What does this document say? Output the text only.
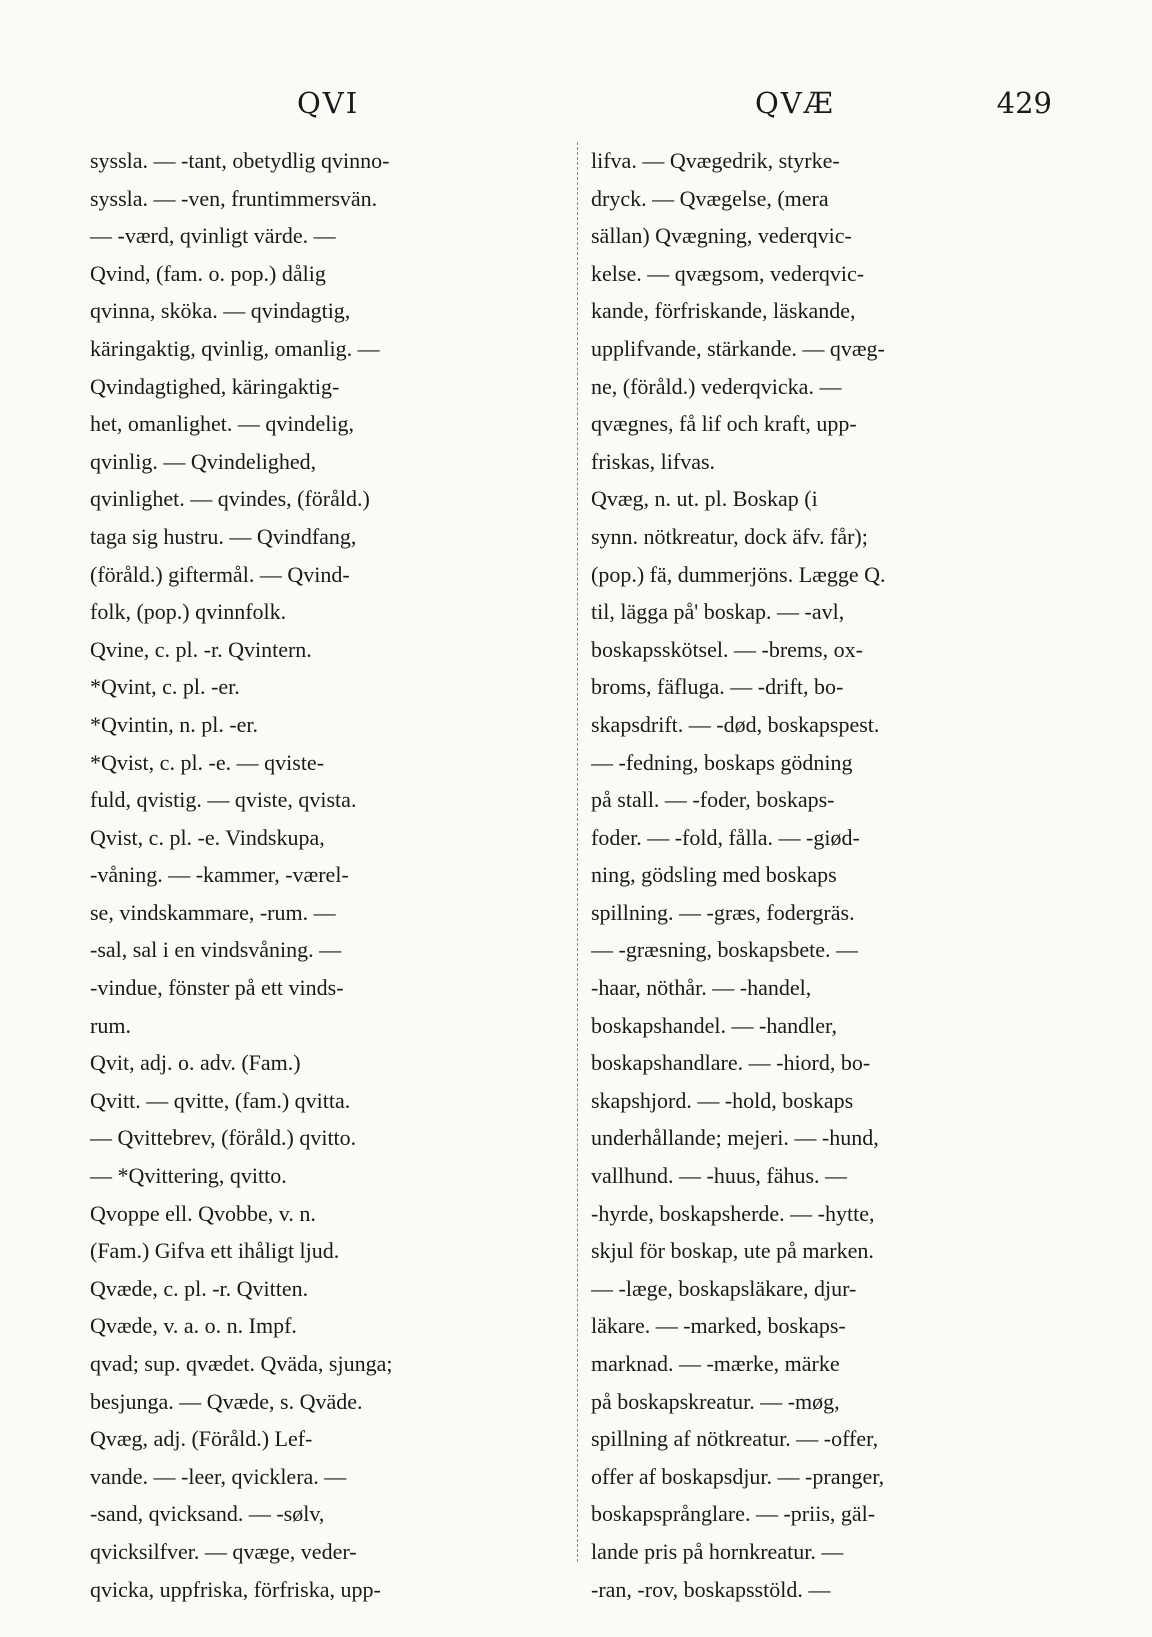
QVI	QVÆ	429
syssla. — -tant, obetydlig qvinno-
syssla. — -ven, fruntimmersvän.
— -værd, qvinligt värde. —
Qvind, (fam. o. pop.) dålig
qvinna, sköka. — qvindagtig,
käringaktig, qvinlig, omanlig. —
Qvindagtighed, käringaktig-
het, omanlighet. — qvindelig,
qvinlig. — Qvindelighed,
qvinlighet. — qvindes, (föråld.)
taga sig hustru. — Qvindfang,
(föråld.) giftermål. — Qvind-
folk, (pop.) qvinnfolk.
Qvine, c. pl. -r. Qvintern.
*Qvint, c. pl. -er.
*Qvintin, n. pl. -er.
*Qvist, c. pl. -e. — qviste-
fuld, qvistig. — qviste, qvista.
Qvist, c. pl. -e. Vindskupa,
-våning. — -kammer, -værel-
se, vindskammare, -rum. —
-sal, sal i en vindsvåning. —
-vindue, fönster på ett vinds-
rum.
Qvit, adj. o. adv. (Fam.)
Qvitt. — qvitte, (fam.) qvitta.
— Qvittebrev, (föråld.) qvitto.
— *Qvittering, qvitto.
Qvoppe ell. Qvobbe, v. n.
(Fam.) Gifva ett ihåligt ljud.
Qvæde, c. pl. -r. Qvitten.
Qvæde, v. a. o. n. Impf.
qvad; sup. qvædet. Qväda, sjunga;
besjunga. — Qvæde, s. Qväde.
Qvæg, adj. (Föråld.) Lef-
vande. — -leer, qvicklera. —
-sand, qvicksand. — -sølv,
qvicksilfver. — qvæge, veder-
qvicka, uppfriska, förfriska, upp-
lifva. — Qvægedrik, styrke-
dryck. — Qvægelse, (mera
sällan) Qvægning, vederqvic-
kelse. — qvægsom, vederqvic-
kande, förfriskande, läskande,
upplifvande, stärkande. — qvæg-
ne, (föråld.) vederqvicka. —
qvægnes, få lif och kraft, upp-
friskas, lifvas.
Qvæg, n. ut. pl. Boskap (i
synn. nötkreatur, dock äfv. får);
(pop.) fä, dummerjöns. Lægge Q.
til, lägga på' boskap. — -avl,
boskapsskötsel. — -brems, ox-
broms, fäfluga. — -drift, bo-
skapsdrift. — -død, boskapspest.
— -fedning, boskaps gödning
på stall. — -foder, boskaps-
foder. — -fold, fålla. — -giød-
ning, gödsling med boskaps
spillning. — -græs, fodergräs.
— -græsning, boskapsbete. —
-haar, nöthår. — -handel,
boskapshandel. — -handler,
boskapshandlare. — -hiord, bo-
skapshjord. — -hold, boskaps
underhållande; mejeri. — -hund,
vallhund. — -huus, fähus. —
-hyrde, boskapsherde. — -hytte,
skjul för boskap, ute på marken.
— -læge, boskapsläkare, djur-
läkare. — -marked, boskaps-
marknad. — -mærke, märke
på boskapskreatur. — -møg,
spillning af nötkreatur. — -offer,
offer af boskapsdjur. — -pranger,
boskapsprånglare. — -priis, gäl-
lande pris på hornkreatur. —
-ran, -rov, boskapsstöld. —
